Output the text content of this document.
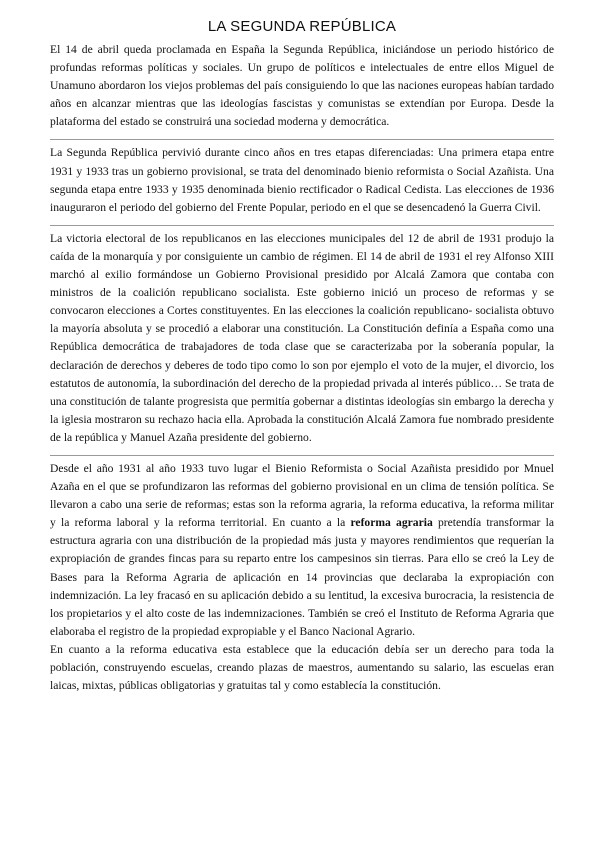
LA SEGUNDA REPÚBLICA

El 14 de abril queda proclamada en España la Segunda República, iniciándose un periodo histórico de profundas reformas políticas y sociales. Un grupo de políticos e intelectuales de entre ellos Miguel de Unamuno abordaron los viejos problemas del país consiguiendo lo que las naciones europeas habían tardado años en alcanzar mientras que las ideologías fascistas y comunistas se extendían por Europa. Desde la plataforma del estado se construirá una sociedad moderna y democrática.

La Segunda República pervivió durante cinco años en tres etapas diferenciadas: Una primera etapa entre 1931 y 1933 tras un gobierno provisional, se trata del denominado bienio reformista o Social Azañista. Una segunda etapa entre 1933 y 1935 denominada bienio rectificador o Radical Cedista. Las elecciones de 1936 inauguraron el periodo del gobierno del Frente Popular, periodo en el que se desencadenó la Guerra Civil.

La victoria electoral de los republicanos en las elecciones municipales del 12 de abril de 1931 produjo la caída de la monarquía y por consiguiente un cambio de régimen. El 14 de abril de 1931 el rey Alfonso XIII marchó al exilio formándose un Gobierno Provisional presidido por Alcalá Zamora que contaba con ministros de la coalición republicano socialista. Este gobierno inició un proceso de reformas y se convocaron elecciones a Cortes constituyentes. En las elecciones la coalición republicano- socialista obtuvo la mayoría absoluta y se procedió a elaborar una constitución. La Constitución definía a España como una República democrática de trabajadores de toda clase que se caracterizaba por la soberanía popular, la declaración de derechos y deberes de todo tipo como lo son por ejemplo el voto de la mujer, el divorcio, los estatutos de autonomía, la subordinación del derecho de la propiedad privada al interés público… Se trata de una constitución de talante progresista que permitía gobernar a distintas ideologías sin embargo la derecha y la iglesia mostraron su rechazo hacia ella. Aprobada la constitución Alcalá Zamora fue nombrado presidente de la república y Manuel Azaña presidente del gobierno.

Desde el año 1931 al año 1933 tuvo lugar el Bienio Reformista o Social Azañista presidido por Mnuel Azaña en el que se profundizaron las reformas del gobierno provisional en un clima de tensión política. Se llevaron a cabo una serie de reformas; estas son la reforma agraria, la reforma educativa, la reforma militar y la reforma laboral y la reforma territorial. En cuanto a la reforma agraria pretendía transformar la estructura agraria con una distribución de la propiedad más justa y mayores rendimientos que requerían la expropiación de grandes fincas para su reparto entre los campesinos sin tierras. Para ello se creó la Ley de Bases para la Reforma Agraria de aplicación en 14 provincias que declaraba la expropiación con indemnización. La ley fracasó en su aplicación debido a su lentitud, la excesiva burocracia, la resistencia de los propietarios y el alto coste de las indemnizaciones. También se creó el Instituto de Reforma Agraria que elaboraba el registro de la propiedad expropiable y el Banco Nacional Agrario.

En cuanto a la reforma educativa esta establece que la educación debía ser un derecho para toda la población, construyendo escuelas, creando plazas de maestros, aumentando su salario, las escuelas eran laicas, mixtas, públicas obligatorias y gratuitas tal y como establecía la constitución.
